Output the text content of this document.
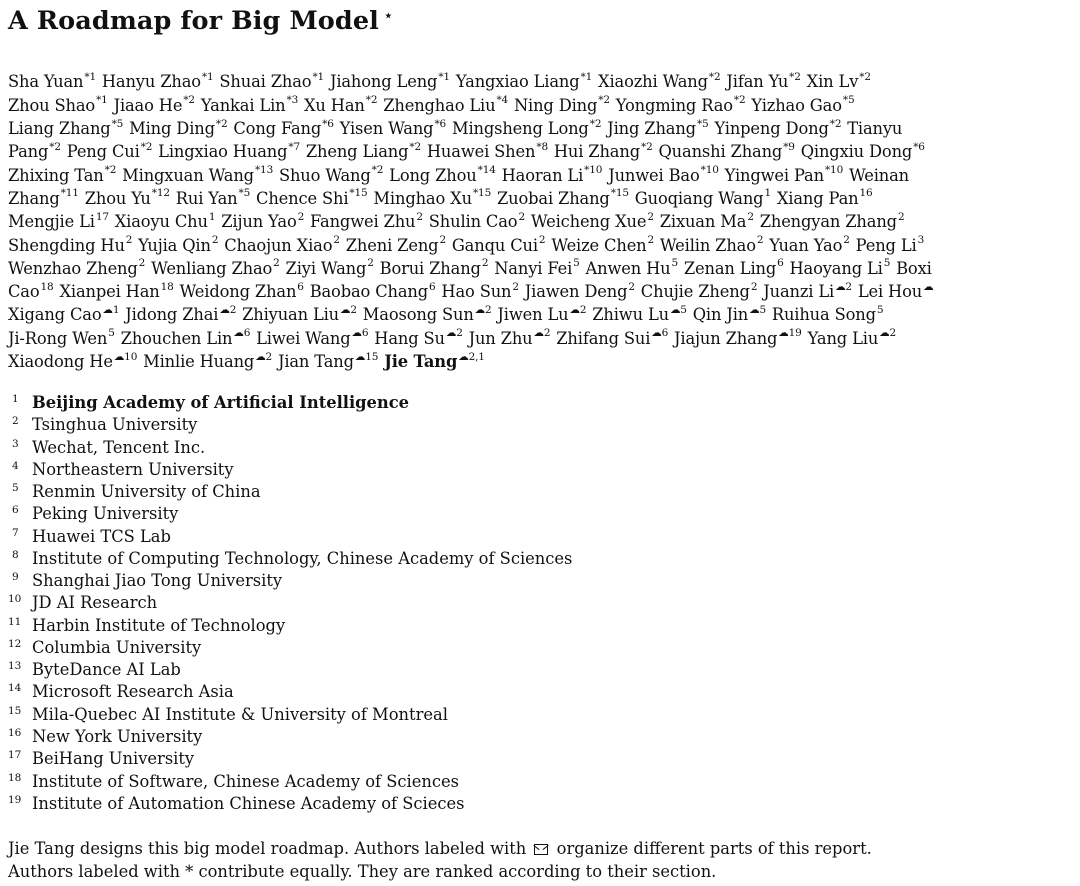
A Roadmap for Big Model ⋆
Sha Yuan$^{*1}$ Hanyu Zhao$^{*1}$ Shuai Zhao$^{*1}$ Jiahong Leng$^{*1}$ Yangxiao Liang$^{*1}$ Xiaozhi Wang$^{*2}$ Jifan Yu$^{*2}$ Xin Lv$^{*2}$
Zhou Shao$^{*1}$ Jiaao He$^{*2}$ Yankai Lin$^{*3}$ Xu Han$^{*2}$ Zhenghao Liu$^{*4}$ Ning Ding$^{*2}$ Yongming Rao$^{*2}$ Yizhao Gao$^{*5}$
Liang Zhang$^{*5}$ Ming Ding$^{*2}$ Cong Fang$^{*6}$ Yisen Wang$^{*6}$ Mingsheng Long$^{*2}$ Jing Zhang$^{*5}$ Yinpeng Dong$^{*2}$ Tianyu
Pang$^{*2}$ Peng Cui$^{*2}$ Lingxiao Huang$^{*7}$ Zheng Liang$^{*2}$ Huawei Shen$^{*8}$ Hui Zhang$^{*2}$ Quanshi Zhang$^{*9}$ Qingxiu Dong$^{*6}$
Zhixing Tan$^{*2}$ Mingxuan Wang$^{*13}$ Shuo Wang$^{*2}$ Long Zhou$^{*14}$ Haoran Li$^{*10}$ Junwei Bao$^{*10}$ Yingwei Pan$^{*10}$ Weinan
Zhang$^{*11}$ Zhou Yu$^{*12}$ Rui Yan$^{*5}$ Chence Shi$^{*15}$ Minghao Xu$^{*15}$ Zuobai Zhang$^{*15}$ Guoqiang Wang$^1$ Xiang Pan$^{16}$
Mengjie Li$^{17}$ Xiaoyu Chu$^1$ Zijun Yao$^2$ Fangwei Zhu$^2$ Shulin Cao$^2$ Weicheng Xue$^2$ Zixuan Ma$^2$ Zhengyan Zhang$^2$
Shengding Hu$^2$ Yujia Qin$^2$ Chaojun Xiao$^2$ Zheni Zeng$^2$ Ganqu Cui$^2$ Weize Chen$^2$ Weilin Zhao$^2$ Yuan Yao$^2$ Peng Li$^3$
Wenzhao Zheng$^2$ Wenliang Zhao$^2$ Ziyi Wang$^2$ Borui Zhang$^2$ Nanyi Fei$^5$ Anwen Hu$^5$ Zenan Ling$^6$ Haoyang Li$^5$ Boxi
Cao$^{18}$ Xianpei Han$^{18}$ Weidong Zhan$^6$ Baobao Chang$^6$ Hao Sun$^2$ Jiawen Deng$^2$ Chujie Zheng$^2$ Juanzi $Li^{☁2}$ Lei Hou☁
Xigang Cao$^{☁1}$ Jidong Zhai$^{☁2}$ Zhiyuan Liu$^{☁2}$ Maosong Sun$^{☁2}$ Jiwen $Lu^{☁2}$ Zhiwu $Lu^{☁5}$ Qin Jin$^{☁5}$ Ruihua Song$^5$
Ji-Rong Wen$^5$ Zhouchen Lin$^{☁6}$ Liwei Wang$^{☁6}$ Hang $Su^{☁2}$ Jun Zhu$^{☁2}$ Zhifang Sui$^{☁6}$ Jiajun Zhang$^{☁19}$ Yang Liu$^{☁2}$
Xiaodong $He^{☁10}$ Minlie Huang$^{☁2}$ Jian Tang$^{☁15}$ Jie Tang$^{☁2,1}$
1 Beijing Academy of Artificial Intelligence
2 Tsinghua University
3 Wechat, Tencent Inc.
4 Northeastern University
5 Renmin University of China
6 Peking University
7 Huawei TCS Lab
8 Institute of Computing Technology, Chinese Academy of Sciences
9 Shanghai Jiao Tong University
10 JD AI Research
11 Harbin Institute of Technology
12 Columbia University
13 ByteDance AI Lab
14 Microsoft Research Asia
15 Mila-Quebec AI Institute & University of Montreal
16 New York University
17 BeiHang University
18 Institute of Software, Chinese Academy of Sciences
19 Institute of Automation Chinese Academy of Scieces
Jie Tang designs this big model roadmap. Authors labeled with organize different parts of this report.
Authors labeled with * contribute equally. They are ranked according to their section.
